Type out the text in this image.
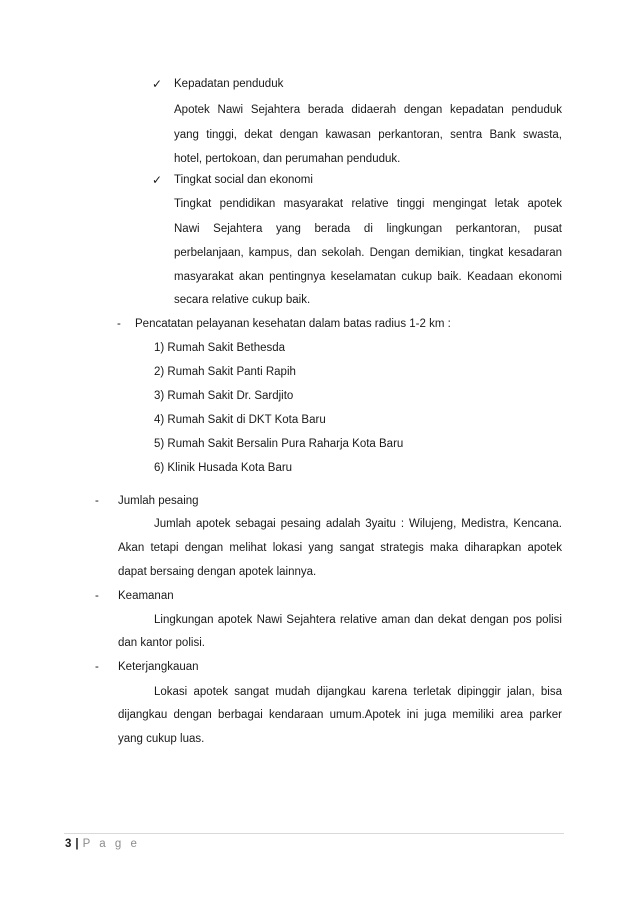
✓ Kepadatan penduduk
Apotek Nawi Sejahtera berada didaerah dengan kepadatan penduduk
yang tinggi, dekat dengan kawasan perkantoran, sentra Bank swasta,
hotel, pertokoan, dan perumahan penduduk.
✓ Tingkat social dan ekonomi
Tingkat pendidikan masyarakat relative tinggi mengingat letak apotek
Nawi Sejahtera yang berada di lingkungan perkantoran, pusat
perbelanjaan, kampus, dan sekolah. Dengan demikian, tingkat kesadaran
masyarakat akan pentingnya keselamatan cukup baik. Keadaan ekonomi
secara relative cukup baik.
- Pencatatan pelayanan kesehatan dalam batas radius 1-2 km :
1) Rumah Sakit Bethesda
2) Rumah Sakit Panti Rapih
3) Rumah Sakit Dr. Sardjito
4) Rumah Sakit di DKT Kota Baru
5) Rumah Sakit Bersalin Pura Raharja Kota Baru
6) Klinik Husada Kota Baru
- Jumlah pesaing
Jumlah apotek sebagai pesaing adalah 3yaitu : Wilujeng, Medistra, Kencana.
Akan tetapi dengan melihat lokasi yang sangat strategis maka diharapkan apotek
dapat bersaing dengan apotek lainnya.
- Keamanan
Lingkungan apotek Nawi Sejahtera relative aman dan dekat dengan pos polisi
dan kantor polisi.
- Keterjangkauan
Lokasi apotek sangat mudah dijangkau karena terletak dipinggir jalan, bisa
dijangkau dengan berbagai kendaraan umum.Apotek ini juga memiliki area parker
yang cukup luas.
3 | P a g e
